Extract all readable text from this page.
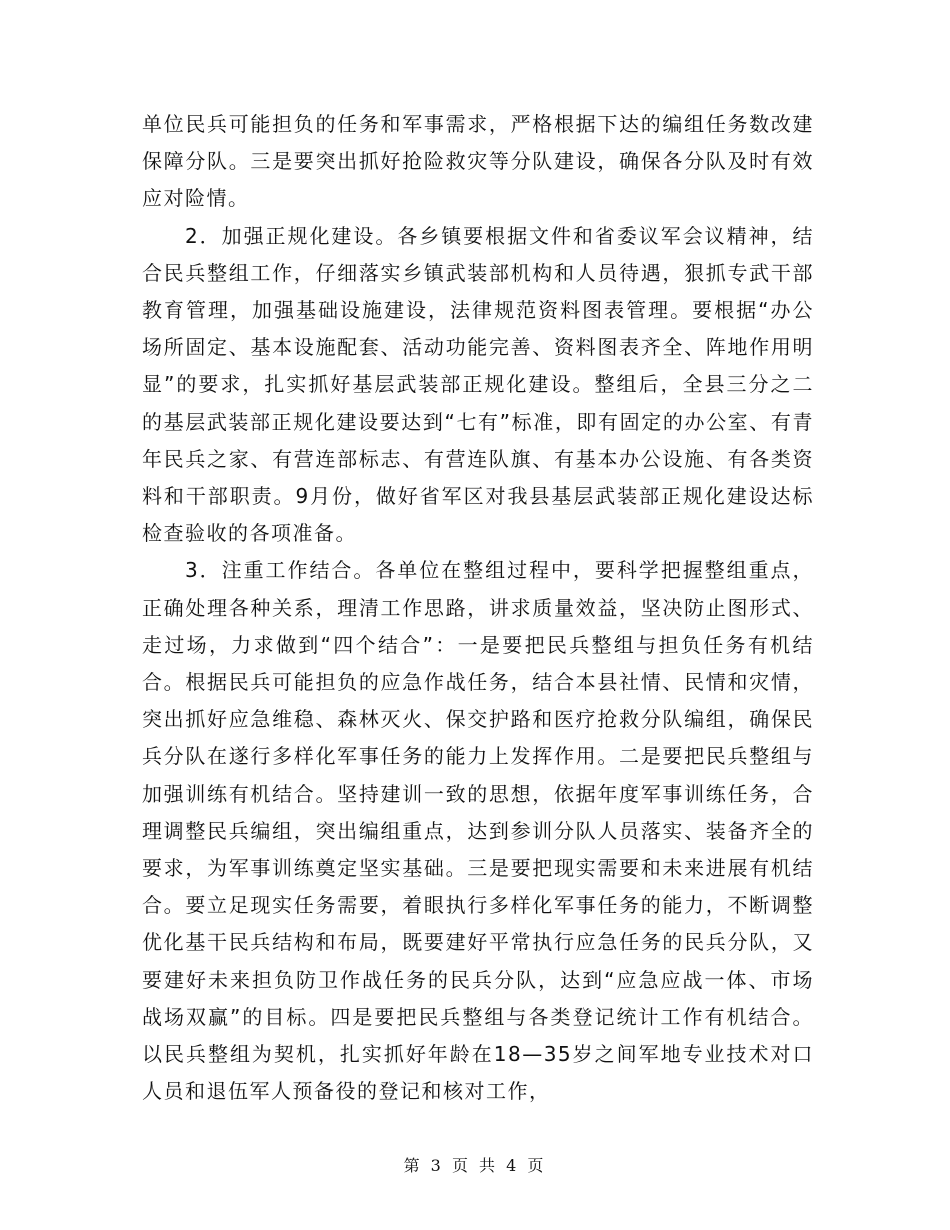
单位民兵可能担负的任务和军事需求，严格根据下达的编组任务数改建保障分队。三是要突出抓好抢险救灾等分队建设，确保各分队及时有效应对险情。

2．加强正规化建设。各乡镇要根据文件和省委议军会议精神，结合民兵整组工作，仔细落实乡镇武装部机构和人员待遇，狠抓专武干部教育管理，加强基础设施建设，法律规范资料图表管理。要根据“办公场所固定、基本设施配套、活动功能完善、资料图表齐全、阵地作用明显”的要求，扎实抓好基层武装部正规化建设。整组后，全县三分之二的基层武装部正规化建设要达到“七有”标准，即有固定的办公室、有青年民兵之家、有营连部标志、有营连队旗、有基本办公设施、有各类资料和干部职责。9月份，做好省军区对我县基层武装部正规化建设达标检查验收的各项准备。

3．注重工作结合。各单位在整组过程中，要科学把握整组重点，正确处理各种关系，理清工作思路，讲求质量效益，坚决防止图形式、走过场，力求做到“四个结合”：一是要把民兵整组与担负任务有机结合。根据民兵可能担负的应急作战任务，结合本县社情、民情和灾情，突出抓好应急维稳、森林灭火、保交护路和医疗抢救分队编组，确保民兵分队在遂行多样化军事任务的能力上发挥作用。二是要把民兵整组与加强训练有机结合。坚持建训一致的思想，依据年度军事训练任务，合理调整民兵编组，突出编组重点，达到参训分队人员落实、装备齐全的要求，为军事训练奠定坚实基础。三是要把现实需要和未来进展有机结合。要立足现实任务需要，着眼执行多样化军事任务的能力，不断调整优化基干民兵结构和布局，既要建好平常执行应急任务的民兵分队，又要建好未来担负防卫作战任务的民兵分队，达到“应急应战一体、市场战场双赢”的目标。四是要把民兵整组与各类登记统计工作有机结合。以民兵整组为契机，扎实抓好年龄在18—35岁之间军地专业技术对口人员和退伍军人预备役的登记和核对工作，

第 3 页 共 4 页
